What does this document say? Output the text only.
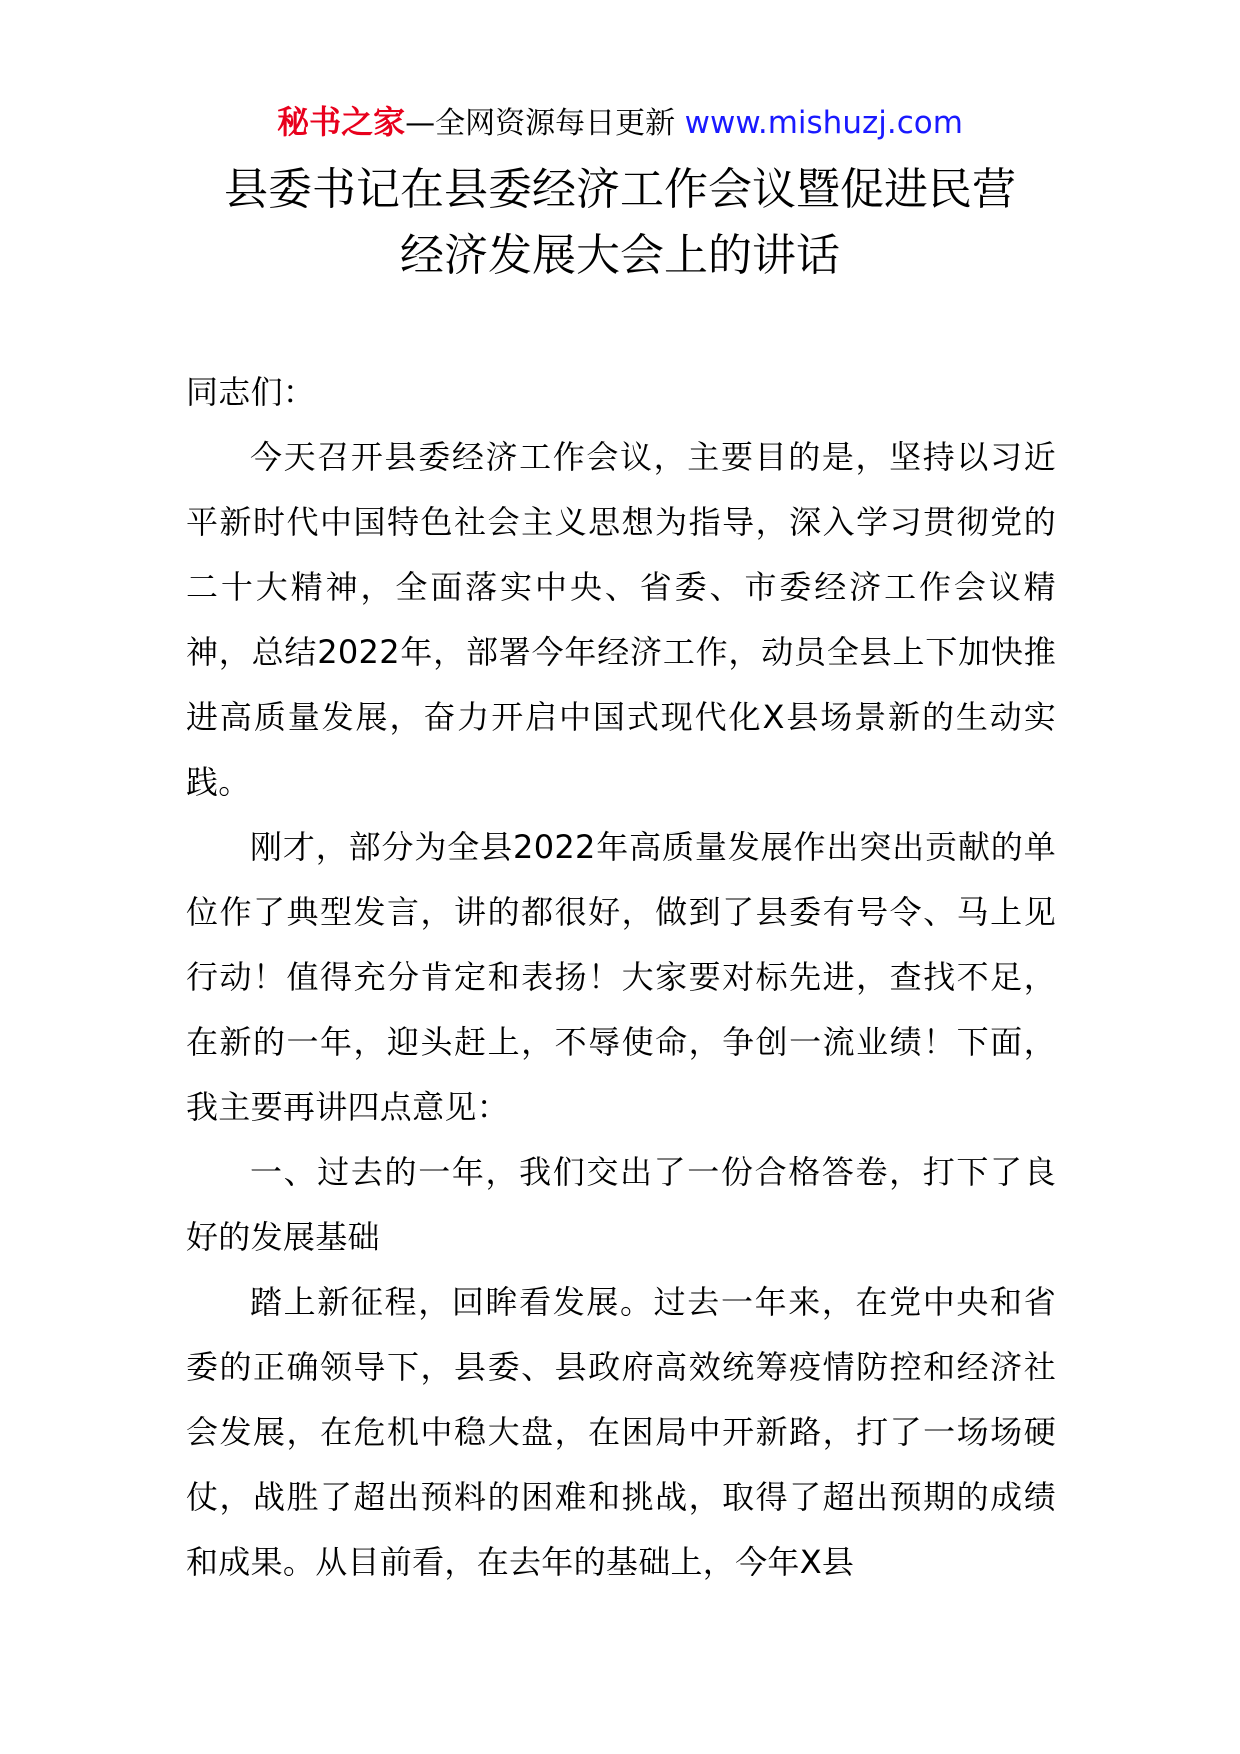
秘书之家—全网资源每日更新 www.mishuzj.com
县委书记在县委经济工作会议暨促进民营
经济发展大会上的讲话

同志们：

今天召开县委经济工作会议，主要目的是，坚持以习近平新时代中国特色社会主义思想为指导，深入学习贯彻党的二十大精神，全面落实中央、省委、市委经济工作会议精神，总结2022年，部署今年经济工作，动员全县上下加快推进高质量发展，奋力开启中国式现代化X县场景新的生动实践。

刚才，部分为全县2022年高质量发展作出突出贡献的单位作了典型发言，讲的都很好，做到了县委有号令、马上见行动！值得充分肯定和表扬！大家要对标先进，查找不足，在新的一年，迎头赶上，不辱使命，争创一流业绩！下面，我主要再讲四点意见：

一、过去的一年，我们交出了一份合格答卷，打下了良好的发展基础

踏上新征程，回眸看发展。过去一年来，在党中央和省委的正确领导下，县委、县政府高效统筹疫情防控和经济社会发展，在危机中稳大盘，在困局中开新路，打了一场场硬仗，战胜了超出预料的困难和挑战，取得了超出预期的成绩和成果。从目前看，在去年的基础上，今年X县
